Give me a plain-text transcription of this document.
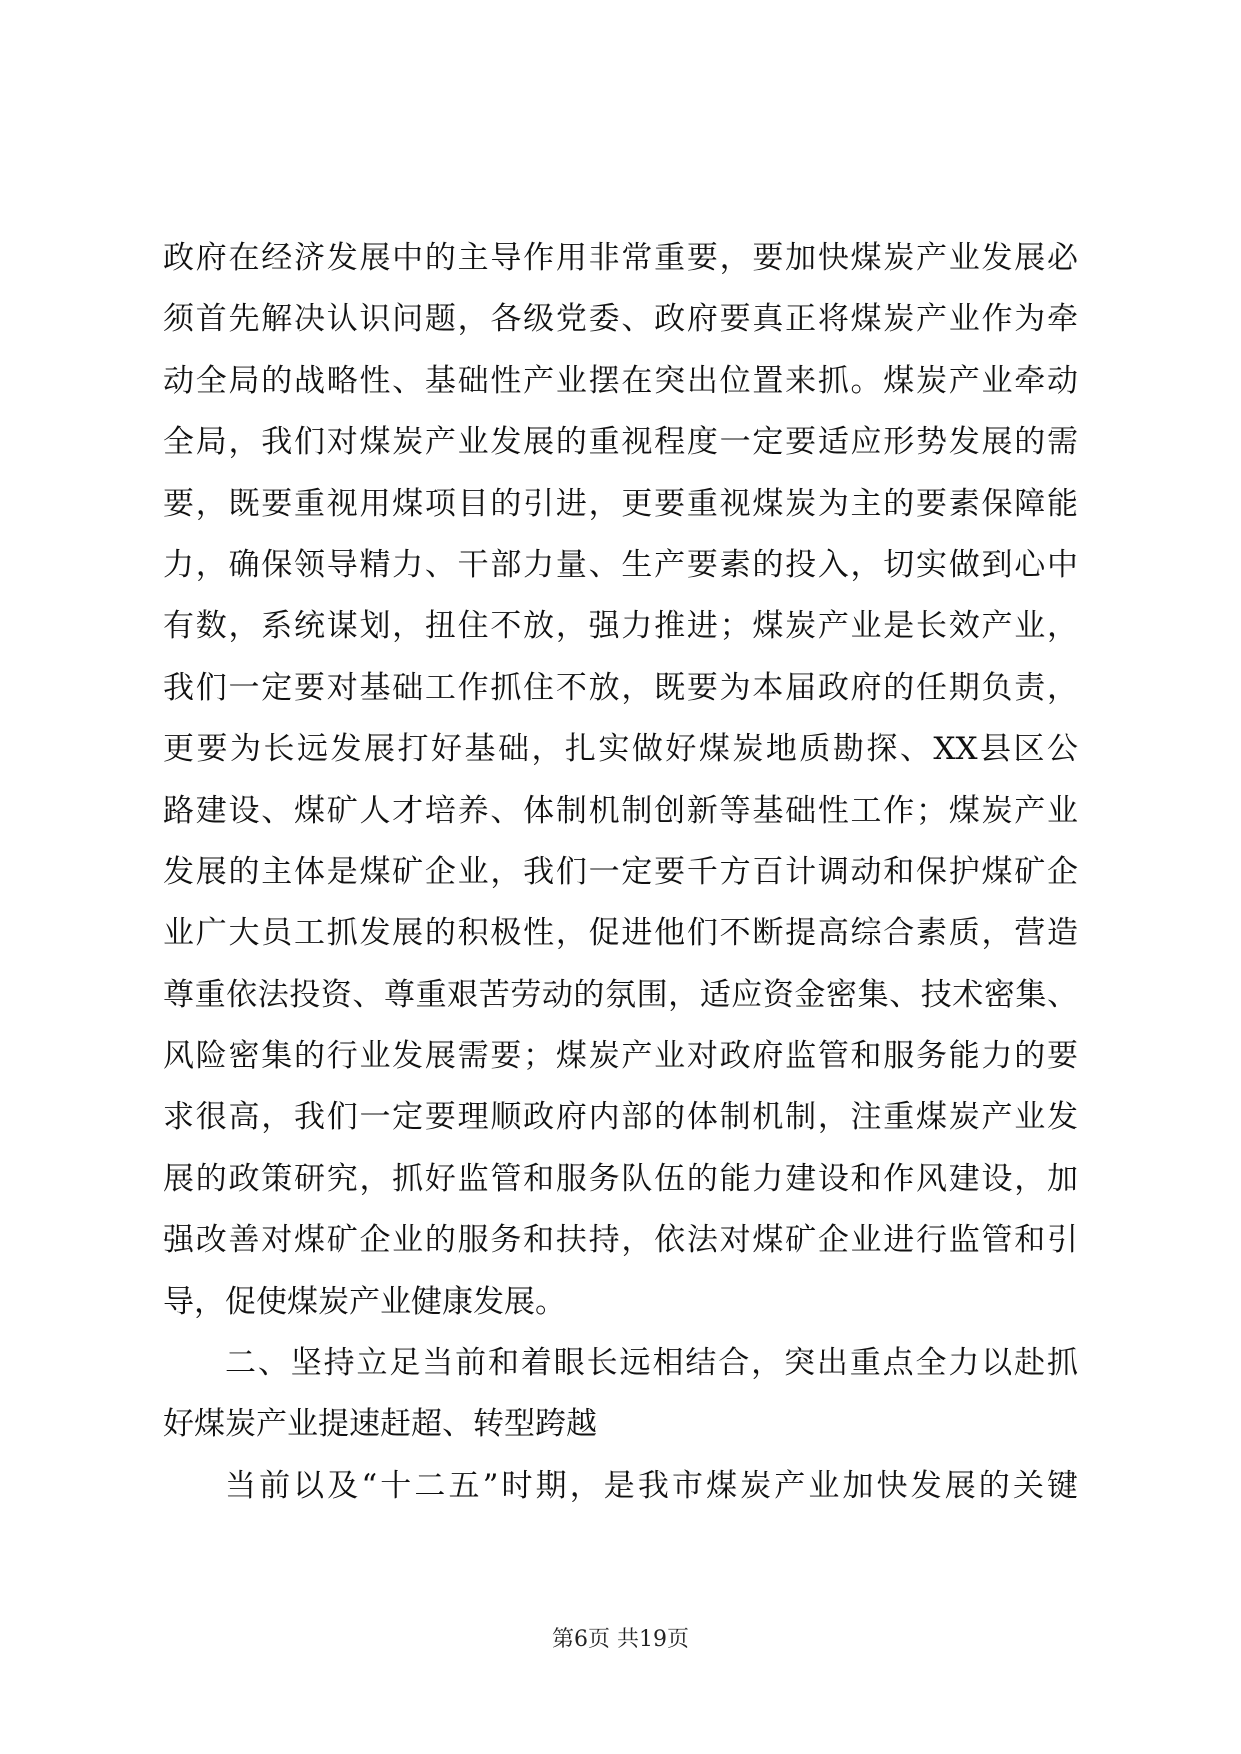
政府在经济发展中的主导作用非常重要，要加快煤炭产业发展必
须首先解决认识问题，各级党委、政府要真正将煤炭产业作为牵
动全局的战略性、基础性产业摆在突出位置来抓。煤炭产业牵动
全局，我们对煤炭产业发展的重视程度一定要适应形势发展的需
要，既要重视用煤项目的引进，更要重视煤炭为主的要素保障能
力，确保领导精力、干部力量、生产要素的投入，切实做到心中
有数，系统谋划，扭住不放，强力推进；煤炭产业是长效产业，
我们一定要对基础工作抓住不放，既要为本届政府的任期负责，
更要为长远发展打好基础，扎实做好煤炭地质勘探、XX县区公
路建设、煤矿人才培养、体制机制创新等基础性工作；煤炭产业
发展的主体是煤矿企业，我们一定要千方百计调动和保护煤矿企
业广大员工抓发展的积极性，促进他们不断提高综合素质，营造
尊重依法投资、尊重艰苦劳动的氛围，适应资金密集、技术密集、
风险密集的行业发展需要；煤炭产业对政府监管和服务能力的要
求很高，我们一定要理顺政府内部的体制机制，注重煤炭产业发
展的政策研究，抓好监管和服务队伍的能力建设和作风建设，加
强改善对煤矿企业的服务和扶持，依法对煤矿企业进行监管和引
导，促使煤炭产业健康发展。
二、坚持立足当前和着眼长远相结合，突出重点全力以赴抓
好煤炭产业提速赶超、转型跨越
当前以及“十二五”时期，是我市煤炭产业加快发展的关键
第6页 共19页
